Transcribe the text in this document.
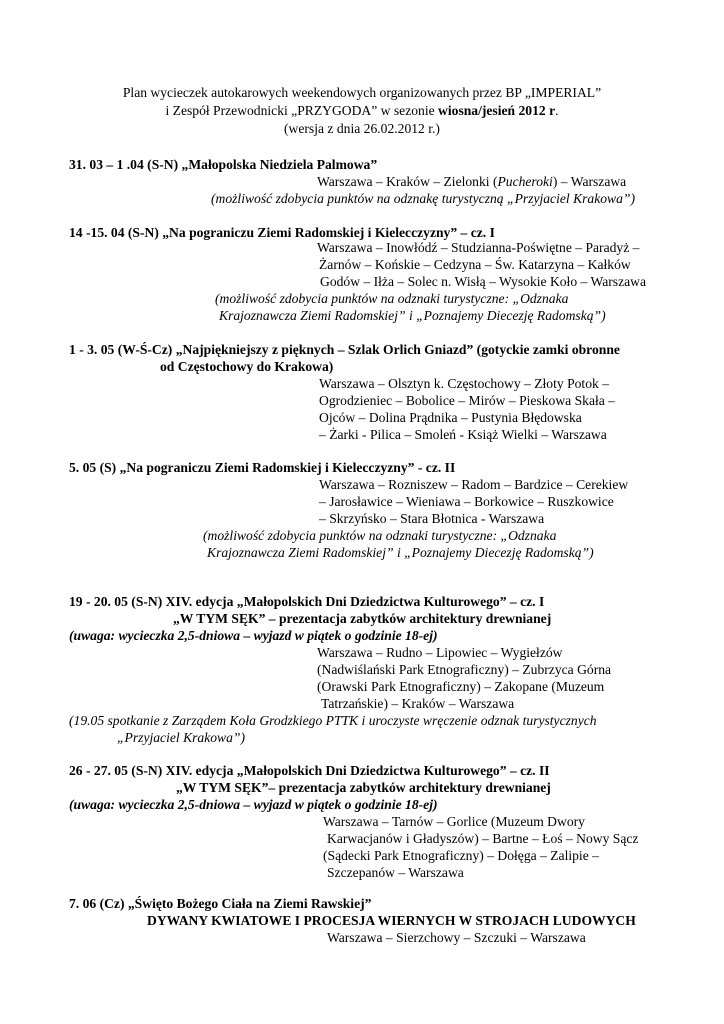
Plan wycieczek autokarowych weekendowych organizowanych przez BP „IMPERIAL”
i Zespół Przewodnicki „PRZYGODA” w sezonie wiosna/jesień 2012 r.
(wersja z dnia 26.02.2012 r.)
31. 03 – 1 .04 (S-N) „Małopolska Niedziela Palmowa”
Warszawa – Kraków – Zielonki (Pucheroki) – Warszawa
(możliwość zdobycia punktów na odznakę turystyczną „Przyjaciel Krakowa”)
14 -15. 04 (S-N) „Na pograniczu Ziemi Radomskiej i Kielecczyzny” – cz. I
Warszawa – Inowłódź – Studzianna-Poświętne – Paradyż –
Żarnów – Końskie – Cedzyna – Św. Katarzyna – Kałków
Godów – Iłża – Solec n. Wisłą – Wysokie Koło – Warszawa
(możliwość zdobycia punktów na odznaki turystyczne: „Odznaka
Krajoznawcza Ziemi Radomskiej” i „Poznajemy Diecezję Radomską”)
1 - 3. 05 (W-Ś-Cz) „Najpiękniejszy z pięknych – Szlak Orlich Gniazd” (gotyckie zamki obronne
od Częstochowy do Krakowa)
Warszawa – Olsztyn k. Częstochowy – Złoty Potok –
Ogrodzieniec – Bobolice – Mirów – Pieskowa Skała –
Ojców – Dolina Prądnika – Pustynia Błędowska
– Żarki - Pilica – Smoleń - Książ Wielki – Warszawa
5. 05 (S) „Na pograniczu Ziemi Radomskiej i Kielecczyzny” - cz. II
Warszawa – Rozniszew – Radom – Bardzice – Cerekiew
– Jarosławice – Wieniawa – Borkowice – Ruszkowice
– Skrzyńsko – Stara Błotnica - Warszawa
(możliwość zdobycia punktów na odznaki turystyczne: „Odznaka
Krajoznawcza Ziemi Radomskiej” i „Poznajemy Diecezję Radomską”)
19 - 20. 05 (S-N) XIV. edycja „Małopolskich Dni Dziedzictwa Kulturowego” – cz. I
„W TYM SĘK” – prezentacja zabytków architektury drewnianej
(uwaga: wycieczka 2,5-dniowa – wyjazd w piątek o godzinie 18-ej)
Warszawa – Rudno – Lipowiec – Wygiełzów
(Nadwiślański Park Etnograficzny) – Zubrzyca Górna
(Orawski Park Etnograficzny) – Zakopane (Muzeum
Tatrzańskie) – Kraków – Warszawa
(19.05 spotkanie z Zarządem Koła Grodzkiego PTTK i uroczyste wręczenie odznak turystycznych
„Przyjaciel Krakowa”)
26 - 27. 05 (S-N) XIV. edycja „Małopolskich Dni Dziedzictwa Kulturowego” – cz. II
„W TYM SĘK”– prezentacja zabytków architektury drewnianej
(uwaga: wycieczka 2,5-dniowa – wyjazd w piątek o godzinie 18-ej)
Warszawa – Tarnów – Gorlice (Muzeum Dwory
Karwacjanów i Gładyszów) – Bartne – Łoś – Nowy Sącz
(Sądecki Park Etnograficzny) – Dołęga – Zalipie –
Szczepanów – Warszawa
7. 06 (Cz) „Święto Bożego Ciała na Ziemi Rawskiej”
DYWANY KWIATOWE I PROCESJA WIERNYCH W STROJACH LUDOWYCH
Warszawa – Sierzchowy – Szczuki – Warszawa
